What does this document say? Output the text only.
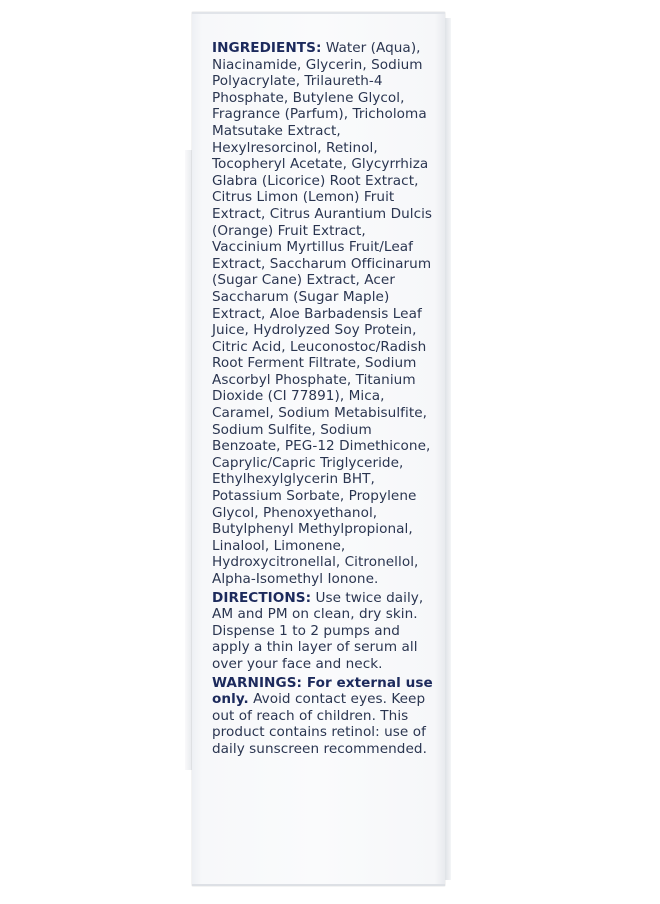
INGREDIENTS: Water (Aqua), Niacinamide, Glycerin, Sodium Polyacrylate, Trilaureth-4 Phosphate, Butylene Glycol, Fragrance (Parfum), Tricholoma Matsutake Extract, Hexylresorcinol, Retinol, Tocopheryl Acetate, Glycyrrhiza Glabra (Licorice) Root Extract, Citrus Limon (Lemon) Fruit Extract, Citrus Aurantium Dulcis (Orange) Fruit Extract, Vaccinium Myrtillus Fruit/Leaf Extract, Saccharum Officinarum (Sugar Cane) Extract, Acer Saccharum (Sugar Maple) Extract, Aloe Barbadensis Leaf Juice, Hydrolyzed Soy Protein, Citric Acid, Leuconostoc/Radish Root Ferment Filtrate, Sodium Ascorbyl Phosphate, Titanium Dioxide (CI 77891), Mica, Caramel, Sodium Metabisulfite, Sodium Sulfite, Sodium Benzoate, PEG-12 Dimethicone, Caprylic/Capric Triglyceride, Ethylhexylglycerin BHT, Potassium Sorbate, Propylene Glycol, Phenoxyethanol, Butylphenyl Methylpropional, Linalool, Limonene, Hydroxycitronellal, Citronellol, Alpha-Isomethyl Ionone.

DIRECTIONS: Use twice daily, AM and PM on clean, dry skin. Dispense 1 to 2 pumps and apply a thin layer of serum all over your face and neck.

WARNINGS: For external use only. Avoid contact eyes. Keep out of reach of children. This product contains retinol: use of daily sunscreen recommended.
